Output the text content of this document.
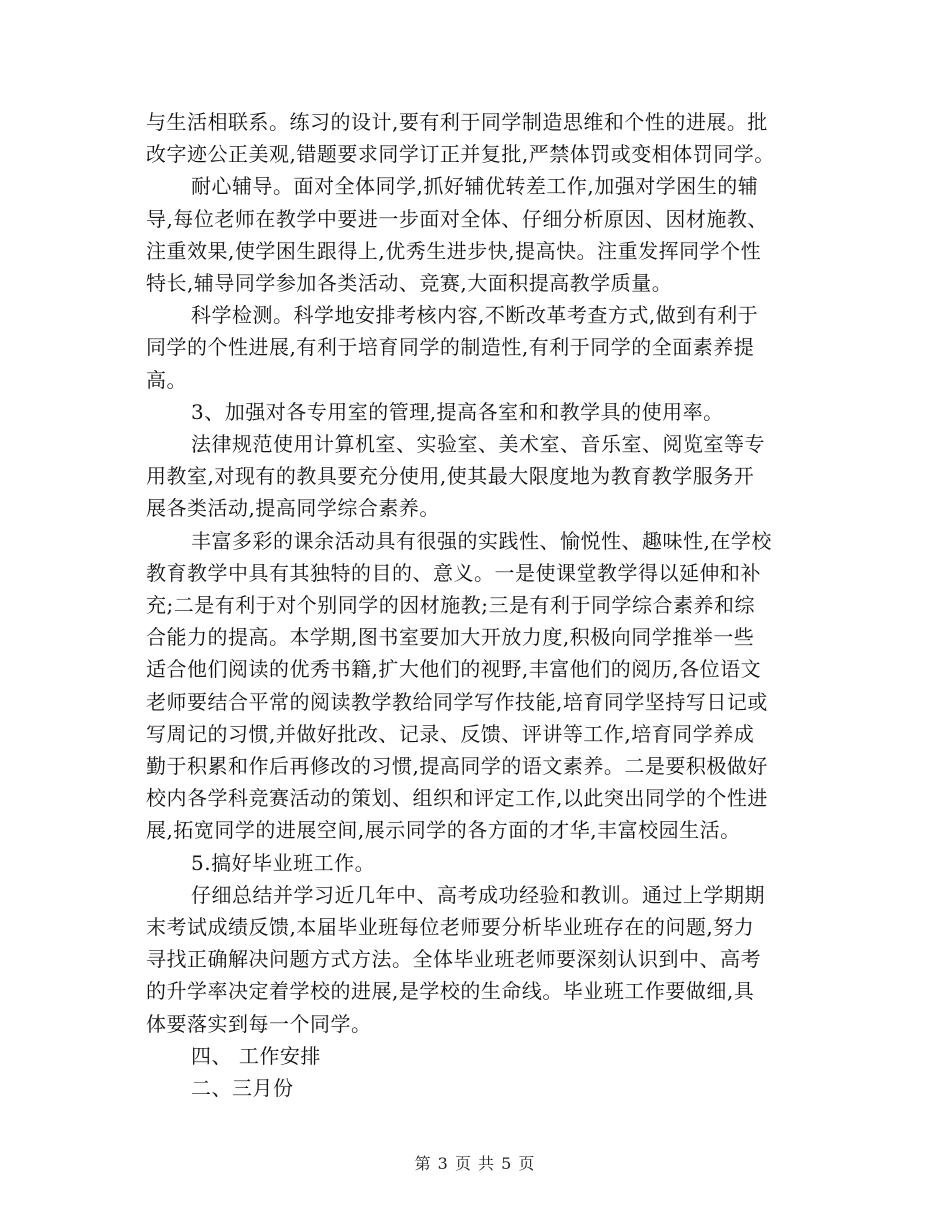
与生活相联系。练习的设计,要有利于同学制造思维和个性的进展。批
改字迹公正美观,错题要求同学订正并复批,严禁体罚或变相体罚同学。
耐心辅导。面对全体同学,抓好辅优转差工作,加强对学困生的辅
导,每位老师在教学中要进一步面对全体、仔细分析原因、因材施教、
注重效果,使学困生跟得上,优秀生进步快,提高快。注重发挥同学个性
特长,辅导同学参加各类活动、竞赛,大面积提高教学质量。
科学检测。科学地安排考核内容,不断改革考查方式,做到有利于
同学的个性进展,有利于培育同学的制造性,有利于同学的全面素养提
高。
3、加强对各专用室的管理,提高各室和和教学具的使用率。
法律规范使用计算机室、实验室、美术室、音乐室、阅览室等专
用教室,对现有的教具要充分使用,使其最大限度地为教育教学服务开
展各类活动,提高同学综合素养。
丰富多彩的课余活动具有很强的实践性、愉悦性、趣味性,在学校
教育教学中具有其独特的目的、意义。一是使课堂教学得以延伸和补
充;二是有利于对个别同学的因材施教;三是有利于同学综合素养和综
合能力的提高。本学期,图书室要加大开放力度,积极向同学推举一些
适合他们阅读的优秀书籍,扩大他们的视野,丰富他们的阅历,各位语文
老师要结合平常的阅读教学教给同学写作技能,培育同学坚持写日记或
写周记的习惯,并做好批改、记录、反馈、评讲等工作,培育同学养成
勤于积累和作后再修改的习惯,提高同学的语文素养。二是要积极做好
校内各学科竞赛活动的策划、组织和评定工作,以此突出同学的个性进
展,拓宽同学的进展空间,展示同学的各方面的才华,丰富校园生活。
5.搞好毕业班工作。
仔细总结并学习近几年中、高考成功经验和教训。通过上学期期
末考试成绩反馈,本届毕业班每位老师要分析毕业班存在的问题,努力
寻找正确解决问题方式方法。全体毕业班老师要深刻认识到中、高考
的升学率决定着学校的进展,是学校的生命线。毕业班工作要做细,具
体要落实到每一个同学。
四、 工作安排
二、三月份
第 3 页 共 5 页
